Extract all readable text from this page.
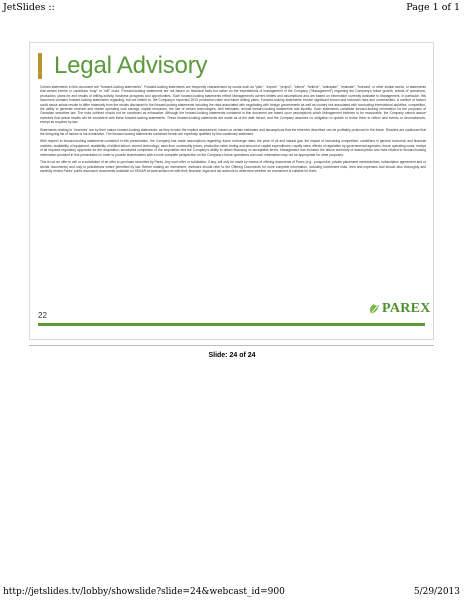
JetSlides ::	Page 1 of 1
Legal Advisory

Certain statements in this document are "forward-looking statements". Forward-looking statements are frequently characterized by words such as "plan", "expect", "project", "intend", "believe", "anticipate", "estimate", "forecast" or other similar words, or statements that certain events or conditions "may" or "will" occur. Forward-looking statements are not based on historical facts but rather on the expectations of management of the Company ("Management") regarding the Company's future growth, results of operations, production, plans for and results of drilling activity, business prospects and opportunities. Such forward-looking statements reflect Management's current beliefs and assumptions and are based on information currently available to Management. In particular, this document contains forward-looking statements regarding, but not limited to, the Company's expected 2013 production rates and future drilling plans. Forward-looking statements involve significant known and unknown risks and uncertainties. A number of factors could cause actual results to differ materially from the results discussed in the forward-looking statements including the risks associated with negotiating with foreign governments as well as country risk associated with conducting international activities, competition, the ability to generate revenue and realize operating cost savings, capital resources, the use of certain technologies, well estimates, annual forward-looking statements and liquidity. Such statements constitute forward-looking information for the purposes of Canadian securities law. The risks outlined should not be construed as exhaustive. Although the forward-looking statements contained in this document are based upon assumptions which Management believes to be reasonable, the Company cannot assure investors that actual results will be consistent with these forward-looking statements. These forward-looking statements are made as of the date hereof, and the Company assumes no obligation to update or revise them to reflect new events or circumstances, except as required by law.

Statements relating to "reserves" are by their nature forward-looking statements, as they involve the implied assessment, based on certain estimates and assumptions that the reserves described can be profitably produced in the future. Readers are cautioned that the foregoing list of factors is not exhaustive. The forward-looking statements contained herein are expressly qualified by this cautionary statement.

With respect to forward-looking statements contained in this presentation, the Company has made assumptions regarding: future exchange rates; the price of oil and natural gas; the impact of increasing competition; conditions in general economic and financial markets; availability of equipment; availability of skilled labour; current technology; cash flow; commodity prices; production rates; timing and amount of capital expenditures; royalty rates; effects of regulation by governmental agencies; future operating costs; receipt of all required regulatory approvals for the acquisition; successful completion of the acquisition and the Company's ability to obtain financing on acceptable terms. Management has included the above summary of assumptions and risks related to forward-looking information provided in this presentation in order to provide shareholders with a more complete perspective on the Company's future operations and such information may not be appropriate for other purposes.

This is not an offer to sell or a solicitation of an offer to purchase securities by Parex. Any such offer or solicitation, if any, will only be made by means of offering documents of Parex (e.g., prospectus, private placement memorandum, subscription agreement and or similar documents) and only in jurisdictions where permitted by law. Before making an investment, investors should refer to the Offering Documents for more complete information, including investment risks, fees and expenses and should also thoroughly and carefully review Parex' public disclosure documents available on SEDAR at www.sedar.com with their financial, legal and tax advisors to determine whether an investment is suitable for them.

22	PAREX
Slide: 24 of 24
http://jetslides.tv/lobby/showslide?slide=24&webcast_id=900	5/29/2013
